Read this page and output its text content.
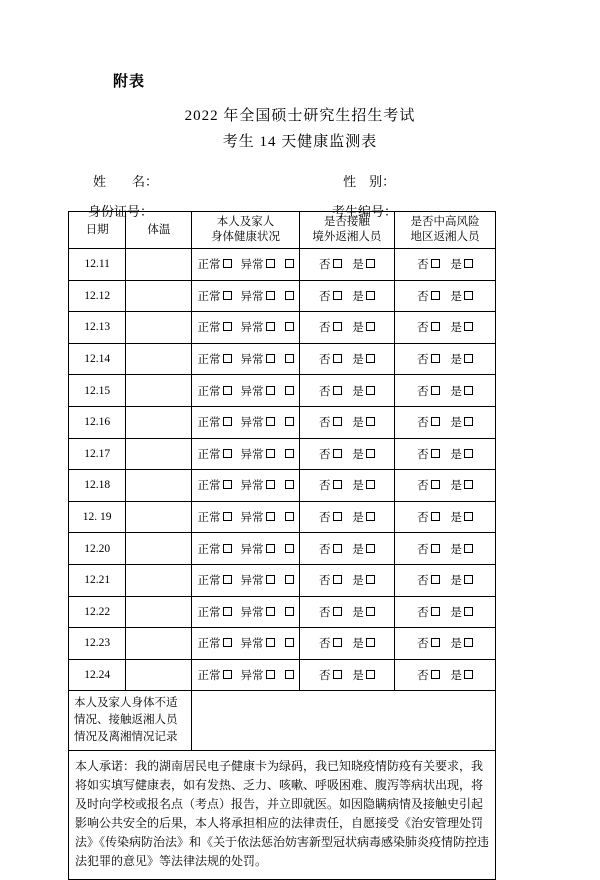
附表
2022 年全国硕士研究生招生考试
考生 14 天健康监测表
姓　　名：	性　别：
身份证号：	考生编号：
日期	体温

本人及家人
身体健康状况

是否接触
境外返湘人员

是否中高风险
地区返湘人员

12.11		正常 异常	否 是	否 是
12.12		正常 异常	否 是	否 是
12.13		正常 异常	否 是	否 是
12.14		正常 异常	否 是	否 是
12.15		正常 异常	否 是	否 是
12.16		正常 异常	否 是	否 是
12.17		正常 异常	否 是	否 是
12.18		正常 异常	否 是	否 是
12. 19		正常 异常	否 是	否 是
12.20		正常 异常	否 是	否 是
12.21		正常 异常	否 是	否 是
12.22		正常 异常	否 是	否 是
12.23		正常 异常	否 是	否 是
12.24		正常 异常	否 是	否 是

本人及家人身体不适
情况、接触返湘人员
情况及离湘情况记录				

本人承诺：我的湖南居民电子健康卡为绿码，我已知晓疫情防疫有关要求，我将如实填写健康表，如有发热、乏力、咳嗽、呼吸困难、腹泻等病状出现，将及时向学校或报名点（考点）报告，并立即就医。如因隐瞒病情及接触史引起影响公共安全的后果，本人将承担相应的法律责任，自愿接受《治安管理处罚法》《传染病防治法》和《关于依法惩治妨害新型冠状病毒感染肺炎疫情防控违法犯罪的意见》等法律法规的处罚。				
